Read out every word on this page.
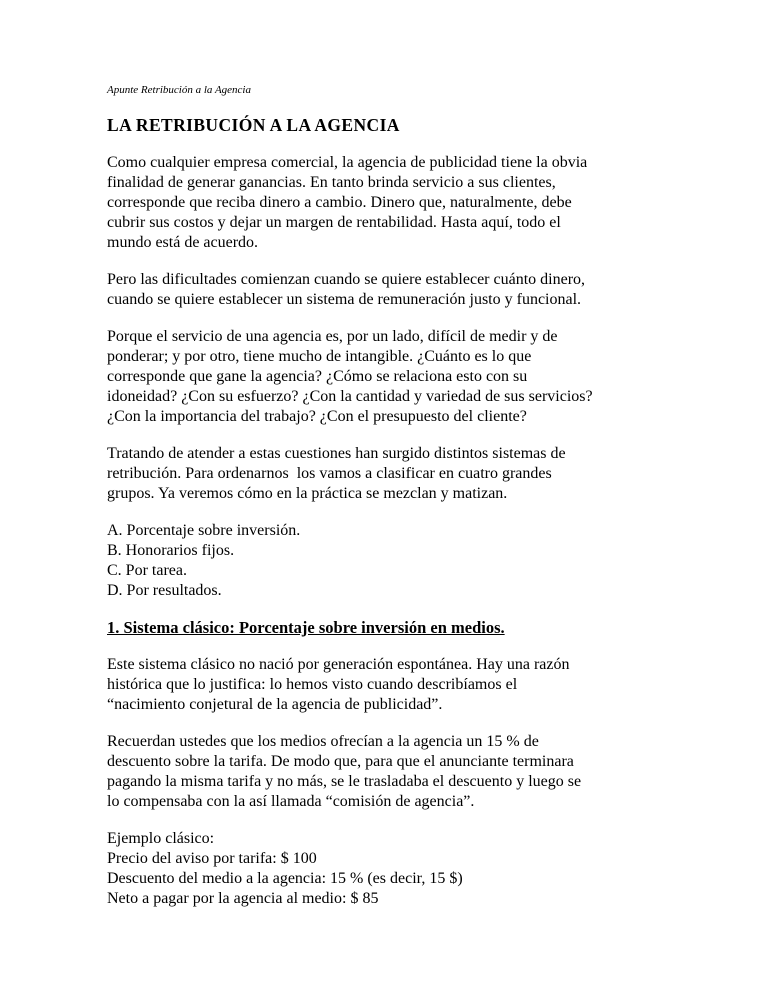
Apunte Retribución a la Agencia

LA RETRIBUCIÓN A LA AGENCIA
Como cualquier empresa comercial, la agencia de publicidad tiene la obvia
finalidad de generar ganancias. En tanto brinda servicio a sus clientes,
corresponde que reciba dinero a cambio. Dinero que, naturalmente, debe
cubrir sus costos y dejar un margen de rentabilidad. Hasta aquí, todo el
mundo está de acuerdo.
Pero las dificultades comienzan cuando se quiere establecer cuánto dinero,
cuando se quiere establecer un sistema de remuneración justo y funcional.
Porque el servicio de una agencia es, por un lado, difícil de medir y de
ponderar; y por otro, tiene mucho de intangible. ¿Cuánto es lo que
corresponde que gane la agencia? ¿Cómo se relaciona esto con su
idoneidad? ¿Con su esfuerzo? ¿Con la cantidad y variedad de sus servicios?
¿Con la importancia del trabajo? ¿Con el presupuesto del cliente?
Tratando de atender a estas cuestiones han surgido distintos sistemas de
retribución. Para ordenarnos  los vamos a clasificar en cuatro grandes
grupos. Ya veremos cómo en la práctica se mezclan y matizan.
A. Porcentaje sobre inversión.
B. Honorarios fijos.
C. Por tarea.
D. Por resultados.
1. Sistema clásico: Porcentaje sobre inversión en medios.
Este sistema clásico no nació por generación espontánea. Hay una razón
histórica que lo justifica: lo hemos visto cuando describíamos el
“nacimiento conjetural de la agencia de publicidad”.
Recuerdan ustedes que los medios ofrecían a la agencia un 15 % de
descuento sobre la tarifa. De modo que, para que el anunciante terminara
pagando la misma tarifa y no más, se le trasladaba el descuento y luego se
lo compensaba con la así llamada “comisión de agencia”.
Ejemplo clásico:
Precio del aviso por tarifa: $ 100
Descuento del medio a la agencia: 15 % (es decir, 15 $)
Neto a pagar por la agencia al medio: $ 85
